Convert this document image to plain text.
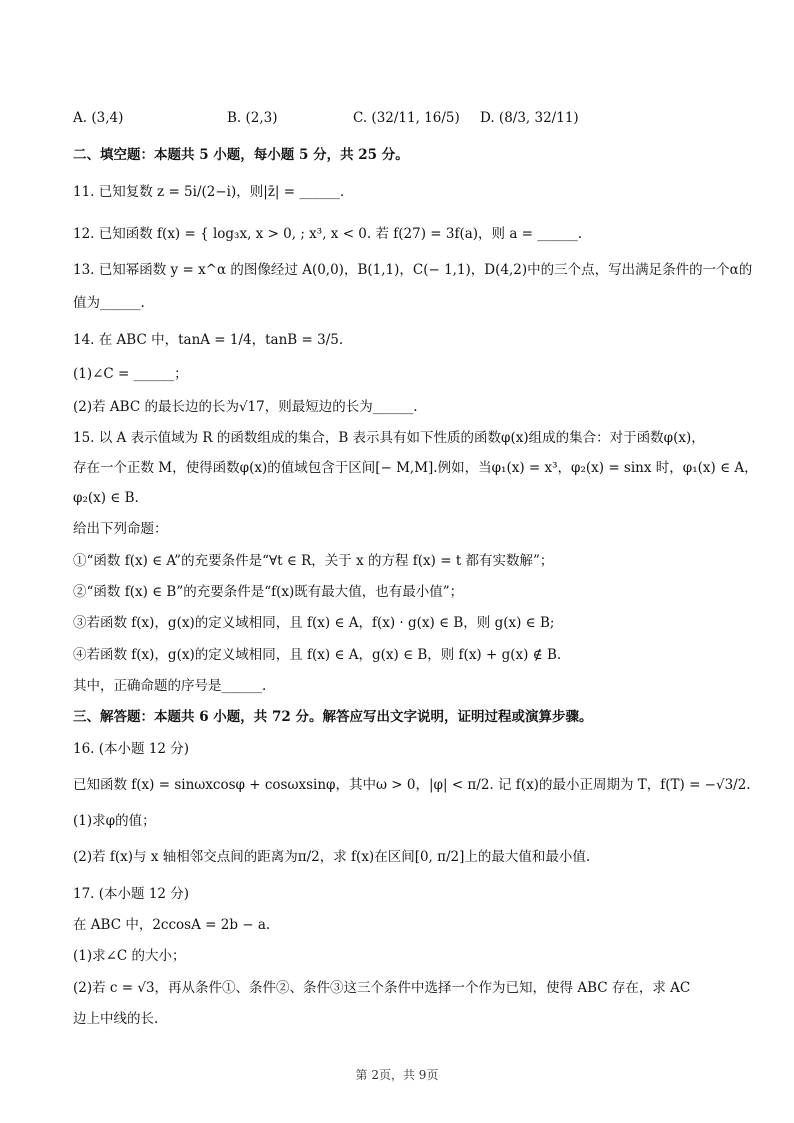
A. (3,4)	B. (2,3)	C. (32/11, 16/5) D. (8/3, 32/11)
二、填空题：本题共 5 小题，每小题 5 分，共 25 分。
11. 已知复数 z = 5i/(2−i)，则|z̄| = ______.
12. 已知函数 f(x) = { log₃x, x > 0, ; x³, x < 0. 若 f(27) = 3f(a)，则 a = ______.
13. 已知幂函数 y = x^α 的图像经过 A(0,0)，B(1,1)，C(− 1,1)，D(4,2)中的三个点，写出满足条件的一个α的
值为______.
14. 在 ABC 中，tanA = 1/4，tanB = 3/5.
(1)∠C = ______；
(2)若 ABC 的最长边的长为√17，则最短边的长为______.
15. 以 A 表示值域为 R 的函数组成的集合，B 表示具有如下性质的函数φ(x)组成的集合：对于函数φ(x)，
存在一个正数 M，使得函数φ(x)的值域包含于区间[− M,M].例如，当φ₁(x) = x³，φ₂(x) = sinx 时，φ₁(x) ∈ A，
φ₂(x) ∈ B.
给出下列命题：
①“函数 f(x) ∈ A”的充要条件是“∀t ∈ R，关于 x 的方程 f(x) = t 都有实数解”；
②“函数 f(x) ∈ B”的充要条件是“f(x)既有最大值，也有最小值”；
③若函数 f(x)，g(x)的定义域相同，且 f(x) ∈ A，f(x) · g(x) ∈ B，则 g(x) ∈ B;
④若函数 f(x)，g(x)的定义域相同，且 f(x) ∈ A，g(x) ∈ B，则 f(x) + g(x) ∉ B.
其中，正确命题的序号是______.
三、解答题：本题共 6 小题，共 72 分。解答应写出文字说明，证明过程或演算步骤。
16. (本小题 12 分)
已知函数 f(x) = sinωxcosφ + cosωxsinφ，其中ω > 0，|φ| < π/2. 记 f(x)的最小正周期为 T，f(T) = −√3/2.
(1)求φ的值；
(2)若 f(x)与 x 轴相邻交点间的距离为π/2，求 f(x)在区间[0, π/2]上的最大值和最小值.
17. (本小题 12 分)
在 ABC 中，2ccosA = 2b − a.
(1)求∠C 的大小；
(2)若 c = √3，再从条件①、条件②、条件③这三个条件中选择一个作为已知，使得 ABC 存在，求 AC
边上中线的长.
第 2页，共 9页
